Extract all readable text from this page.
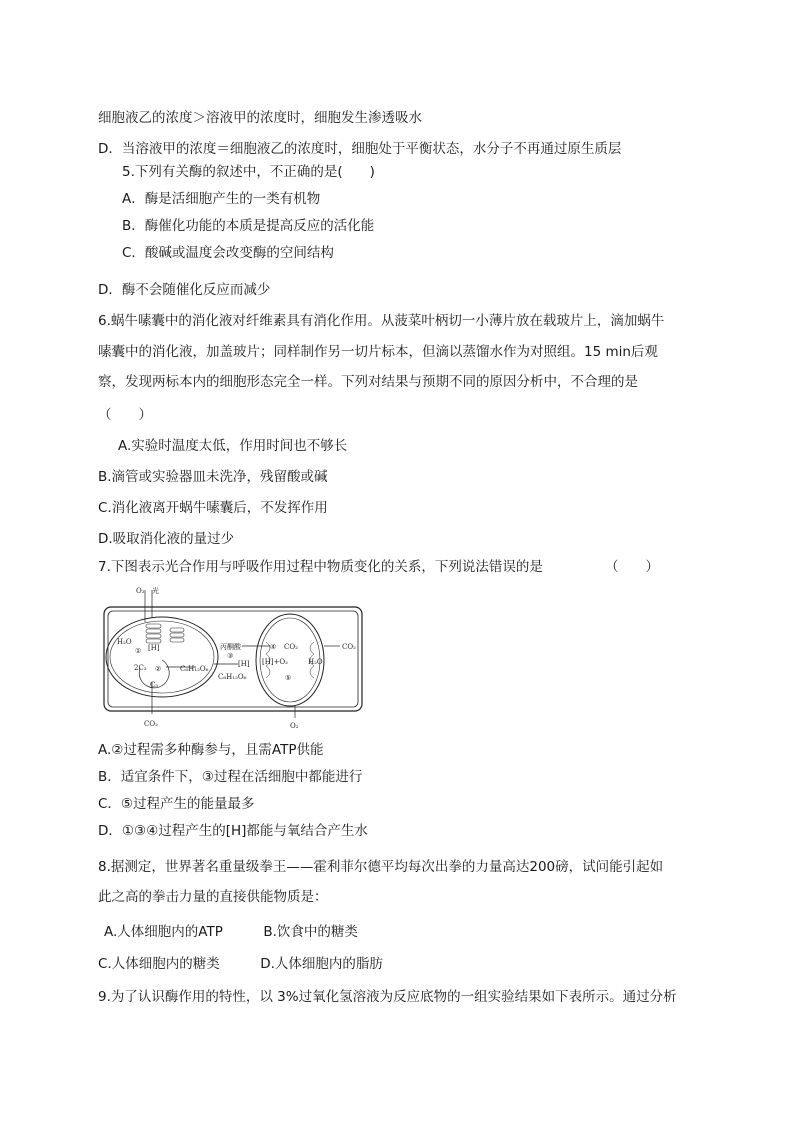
细胞液乙的浓度＞溶液甲的浓度时，细胞发生渗透吸水
D．当溶液甲的浓度＝细胞液乙的浓度时，细胞处于平衡状态，水分子不再通过原生质层
5.下列有关酶的叙述中，不正确的是(　　)
A．酶是活细胞产生的一类有机物
B．酶催化功能的本质是提高反应的活化能
C．酸碱或温度会改变酶的空间结构
D．酶不会随催化反应而减少
6.蜗牛嗉囊中的消化液对纤维素具有消化作用。从菠菜叶柄切一小薄片放在载玻片上，滴加蜗牛
嗉囊中的消化液，加盖玻片；同样制作另一切片标本，但滴以蒸馏水作为对照组。15 min后观
察，发现两标本内的细胞形态完全一样。下列对结果与预期不同的原因分析中，不合理的是
（　　）
A.实验时温度太低，作用时间也不够长
B.滴管或实验器皿未洗净，残留酸或碱
C.消化液离开蜗牛嗉囊后，不发挥作用
D.吸取消化液的量过少
7.下图表示光合作用与呼吸作用过程中物质变化的关系，下列说法错误的是	（　　）
O₂ 光
H₂O
① [H]
2C₃ ②	C₆H₁₂O₆
C₅
CO₂
丙酮酸
③
[H]
C₆H₁₂O₆
④ CO₂
[H]+O₂	H₂O
⑤
CO₂
O₂
A.②过程需多种酶参与，且需ATP供能
B．适宜条件下，③过程在活细胞中都能进行
C．⑤过程产生的能量最多
D．①③④过程产生的[H]都能与氧结合产生水
8.据测定，世界著名重量级拳王——霍利菲尔德平均每次出拳的力量高达200磅，试问能引起如
此之高的拳击力量的直接供能物质是：
A.人体细胞内的ATP　　　B.饮食中的糖类
C.人体细胞内的糖类　　　D.人体细胞内的脂肪
9.为了认识酶作用的特性，以 3%过氧化氢溶液为反应底物的一组实验结果如下表所示。通过分析
